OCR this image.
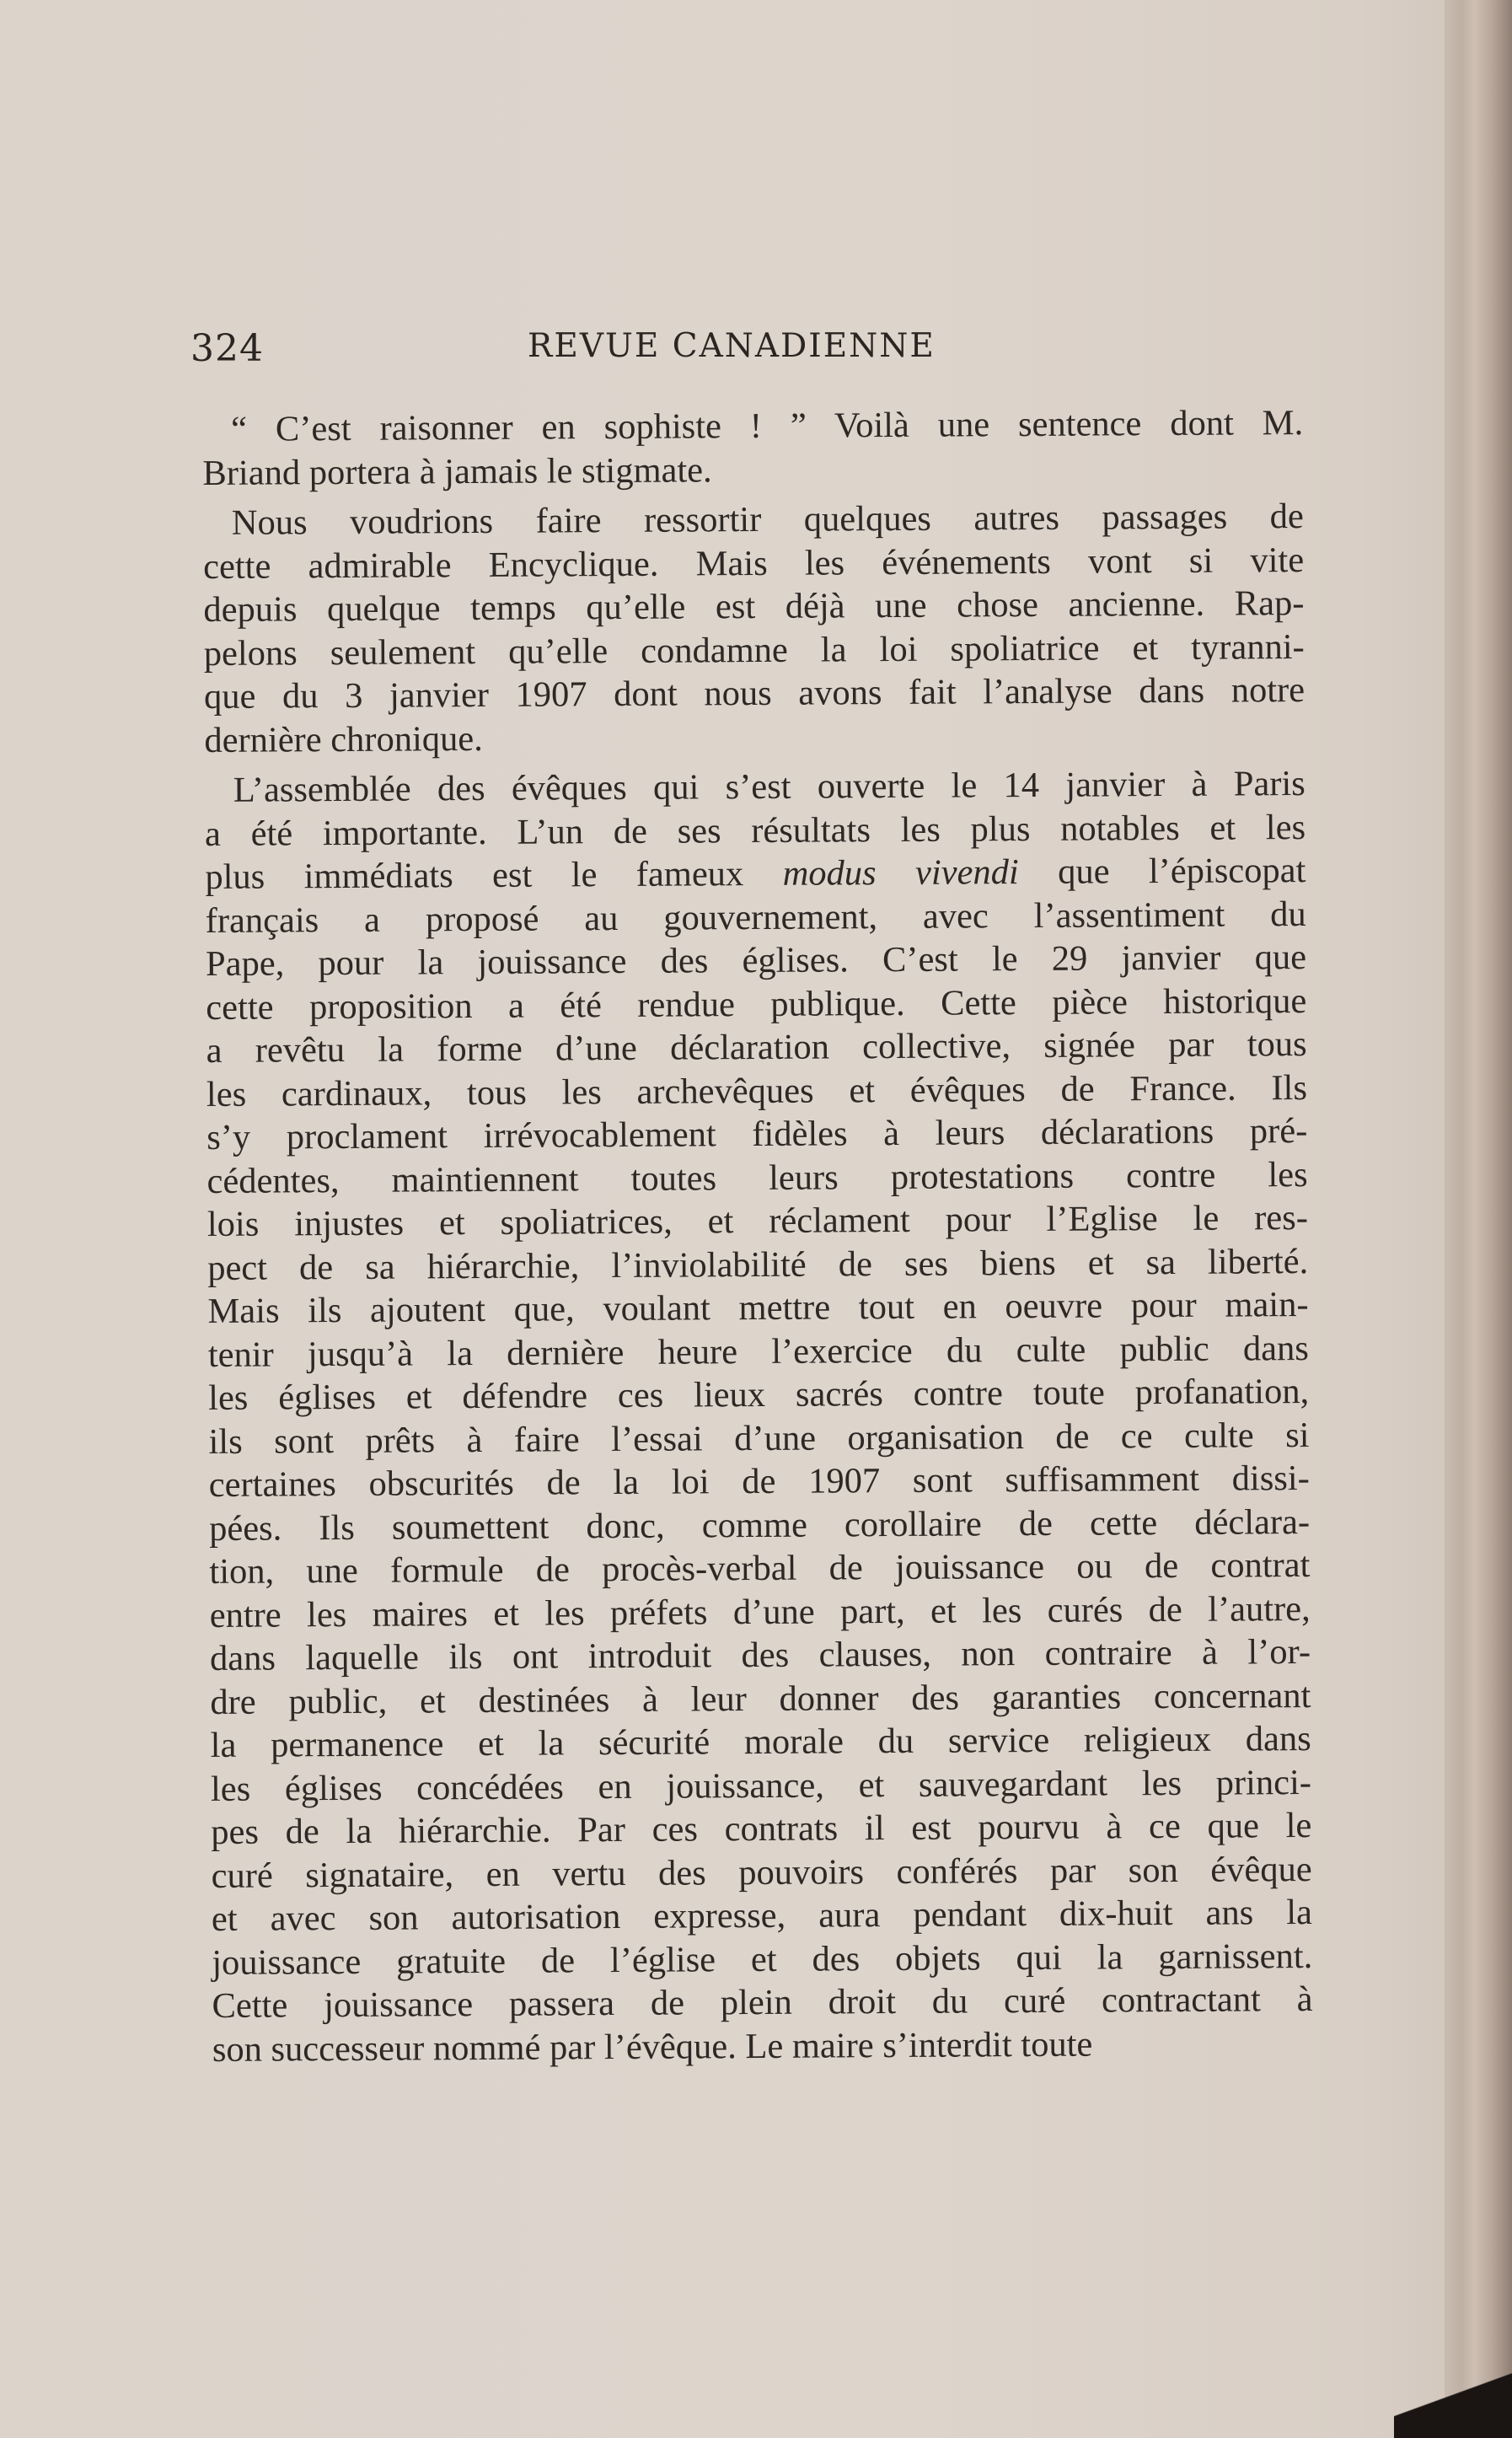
324	REVUE CANADIENNE
“ C’est raisonner en sophiste ! ” Voilà une sentence dont M.
Briand portera à jamais le stigmate.
Nous voudrions faire ressortir quelques autres passages de
cette admirable Encyclique. Mais les événements vont si vite
depuis quelque temps qu’elle est déjà une chose ancienne. Rap-
pelons seulement qu’elle condamne la loi spoliatrice et tyranni-
que du 3 janvier 1907 dont nous avons fait l’analyse dans notre
dernière chronique.
L’assemblée des évêques qui s’est ouverte le 14 janvier à Paris
a été importante. L’un de ses résultats les plus notables et les
plus immédiats est le fameux modus vivendi que l’épiscopat
français a proposé au gouvernement, avec l’assentiment du
Pape, pour la jouissance des églises. C’est le 29 janvier que
cette proposition a été rendue publique. Cette pièce historique
a revêtu la forme d’une déclaration collective, signée par tous
les cardinaux, tous les archevêques et évêques de France. Ils
s’y proclament irrévocablement fidèles à leurs déclarations pré-
cédentes, maintiennent toutes leurs protestations contre les
lois injustes et spoliatrices, et réclament pour l’Eglise le res-
pect de sa hiérarchie, l’inviolabilité de ses biens et sa liberté.
Mais ils ajoutent que, voulant mettre tout en oeuvre pour main-
tenir jusqu’à la dernière heure l’exercice du culte public dans
les églises et défendre ces lieux sacrés contre toute profanation,
ils sont prêts à faire l’essai d’une organisation de ce culte si
certaines obscurités de la loi de 1907 sont suffisamment dissi-
pées. Ils soumettent donc, comme corollaire de cette déclara-
tion, une formule de procès-verbal de jouissance ou de contrat
entre les maires et les préfets d’une part, et les curés de l’autre,
dans laquelle ils ont introduit des clauses, non contraire à l’or-
dre public, et destinées à leur donner des garanties concernant
la permanence et la sécurité morale du service religieux dans
les églises concédées en jouissance, et sauvegardant les princi-
pes de la hiérarchie. Par ces contrats il est pourvu à ce que le
curé signataire, en vertu des pouvoirs conférés par son évêque
et avec son autorisation expresse, aura pendant dix-huit ans la
jouissance gratuite de l’église et des objets qui la garnissent.
Cette jouissance passera de plein droit du curé contractant à
son successeur nommé par l’évêque. Le maire s’interdit toute
